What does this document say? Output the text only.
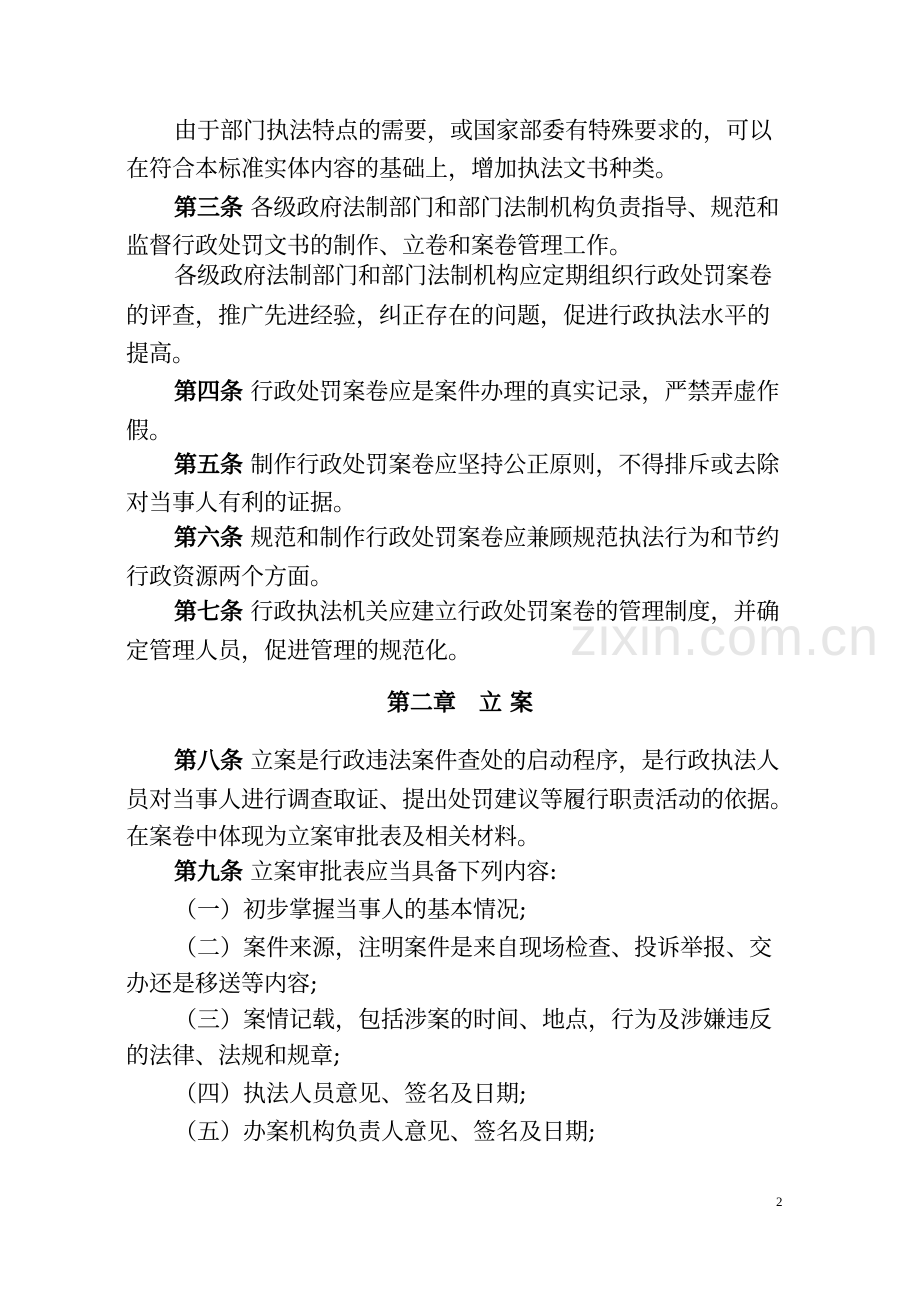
zixin.com.cn
由于部门执法特点的需要，或国家部委有特殊要求的，可以
在符合本标准实体内容的基础上，增加执法文书种类。
第三条 各级政府法制部门和部门法制机构负责指导、规范和
监督行政处罚文书的制作、立卷和案卷管理工作。
各级政府法制部门和部门法制机构应定期组织行政处罚案卷
的评查，推广先进经验，纠正存在的问题，促进行政执法水平的
提高。
第四条 行政处罚案卷应是案件办理的真实记录，严禁弄虚作
假。
第五条 制作行政处罚案卷应坚持公正原则，不得排斥或去除
对当事人有利的证据。
第六条 规范和制作行政处罚案卷应兼顾规范执法行为和节约
行政资源两个方面。
第七条 行政执法机关应建立行政处罚案卷的管理制度，并确
定管理人员，促进管理的规范化。
第二章　立 案
第八条 立案是行政违法案件查处的启动程序，是行政执法人
员对当事人进行调查取证、提出处罚建议等履行职责活动的依据。
在案卷中体现为立案审批表及相关材料。
第九条 立案审批表应当具备下列内容:
（一）初步掌握当事人的基本情况;
（二）案件来源，注明案件是来自现场检查、投诉举报、交
办还是移送等内容;
（三）案情记载，包括涉案的时间、地点，行为及涉嫌违反
的法律、法规和规章;
（四）执法人员意见、签名及日期;
（五）办案机构负责人意见、签名及日期;
2
